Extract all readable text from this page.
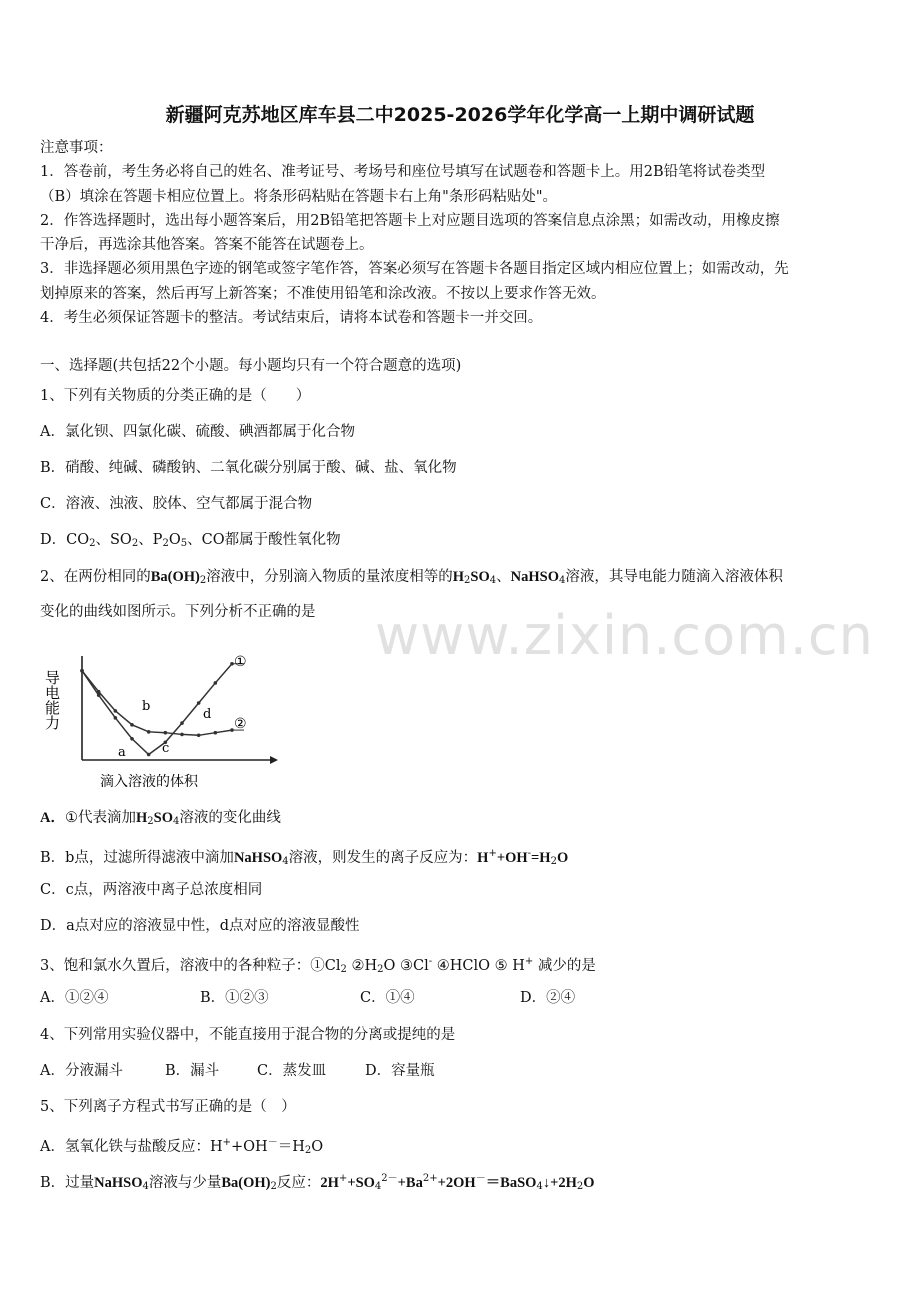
新疆阿克苏地区库车县二中2025-2026学年化学高一上期中调研试题

注意事项：

1．答卷前，考生务必将自己的姓名、准考证号、考场号和座位号填写在试题卷和答题卡上。用2B铅笔将试卷类型

（B）填涂在答题卡相应位置上。将条形码粘贴在答题卡右上角"条形码粘贴处"。

2．作答选择题时，选出每小题答案后，用2B铅笔把答题卡上对应题目选项的答案信息点涂黑；如需改动，用橡皮擦

干净后，再选涂其他答案。答案不能答在试题卷上。

3．非选择题必须用黑色字迹的钢笔或签字笔作答，答案必须写在答题卡各题目指定区域内相应位置上；如需改动，先

划掉原来的答案，然后再写上新答案；不准使用铅笔和涂改液。不按以上要求作答无效。

4．考生必须保证答题卡的整洁。考试结束后，请将本试卷和答题卡一并交回。

一、选择题(共包括22个小题。每小题均只有一个符合题意的选项)
1、下列有关物质的分类正确的是（　　）
A．氯化钡、四氯化碳、硫酸、碘酒都属于化合物
B．硝酸、纯碱、磷酸钠、二氧化碳分别属于酸、碱、盐、氧化物
C．溶液、浊液、胶体、空气都属于混合物
D．$CO_2$、$SO_2$、$P_2O_5$、CO都属于酸性氧化物
2、在两份相同的$Ba(OH)_2$溶液中，分别滴入物质的量浓度相等的$H_2SO_4$、NaHSO$_4$溶液，其导电能力随滴入溶液体积
变化的曲线如图所示。下列分析不正确的是	www.zixin.com.cn
导电能力
滴入溶液的体积
a
b
c
d
①
②
A．①代表滴加$H_2SO_4$溶液的变化曲线
B．b点，过滤所得滤液中滴加NaHSO$_4$溶液，则发生的离子反应为：$H^++OH^-=H_2O$
C．c点，两溶液中离子总浓度相同
D．a点对应的溶液显中性，d点对应的溶液显酸性
3、饱和氯水久置后，溶液中的各种粒子：$①Cl_2$ $②H_2O$ ③Cl- ④HClO ⑤ H+ 减少的是
A．①②④	B．①②③	C．①④	D．②④
4、下列常用实验仪器中，不能直接用于混合物的分离或提纯的是
A．分液漏斗	B．漏斗	C．蒸发皿	D．容量瓶
5、下列离子方程式书写正确的是（　）
A．氢氧化铁与盐酸反应：$H^++OH^-=H_2O$
B．过量NaHSO$_4$溶液与少量$Ba(OH)_2$反应：$2H^++SO_4^{2-}+Ba^{2+}+2OH^-=BaSO_4↓+2H_2O$
